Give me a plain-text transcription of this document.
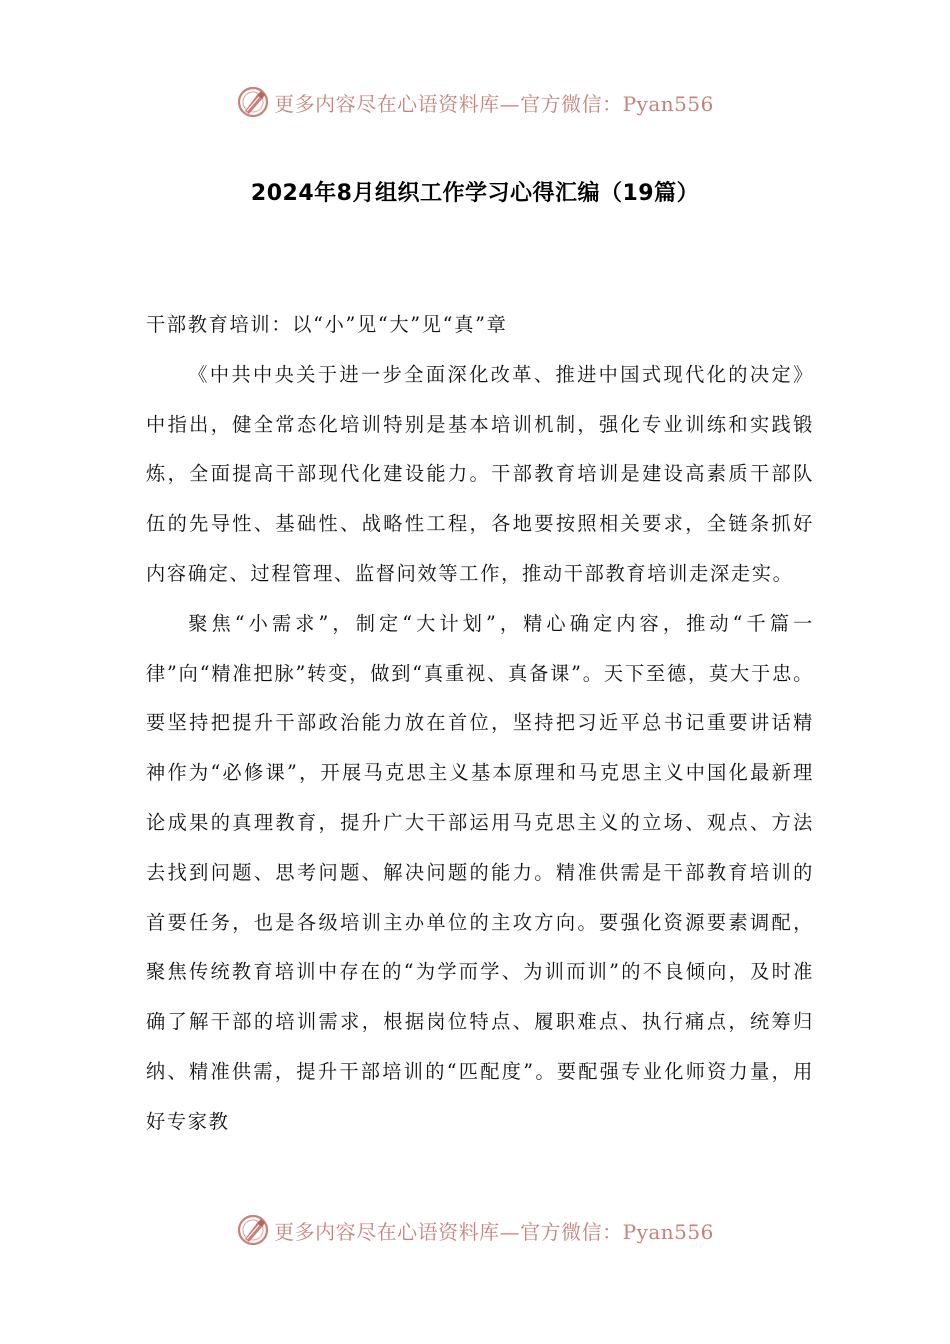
更多内容尽在心语资料库—官方微信：Pyan556
2024年8月组织工作学习心得汇编（19篇）

干部教育培训：以“小”见“大”见“真”章

《中共中央关于进一步全面深化改革、推进中国式现代化的决定》中指出，健全常态化培训特别是基本培训机制，强化专业训练和实践锻炼，全面提高干部现代化建设能力。干部教育培训是建设高素质干部队伍的先导性、基础性、战略性工程，各地要按照相关要求，全链条抓好内容确定、过程管理、监督问效等工作，推动干部教育培训走深走实。

聚焦“小需求”，制定“大计划”，精心确定内容，推动“千篇一律”向“精准把脉”转变，做到“真重视、真备课”。天下至德，莫大于忠。要坚持把提升干部政治能力放在首位，坚持把习近平总书记重要讲话精神作为“必修课”，开展马克思主义基本原理和马克思主义中国化最新理论成果的真理教育，提升广大干部运用马克思主义的立场、观点、方法去找到问题、思考问题、解决问题的能力。精准供需是干部教育培训的首要任务，也是各级培训主办单位的主攻方向。要强化资源要素调配，聚焦传统教育培训中存在的“为学而学、为训而训”的不良倾向，及时准确了解干部的培训需求，根据岗位特点、履职难点、执行痛点，统筹归纳、精准供需，提升干部培训的“匹配度”。要配强专业化师资力量，用好专家教

更多内容尽在心语资料库—官方微信：Pyan556
